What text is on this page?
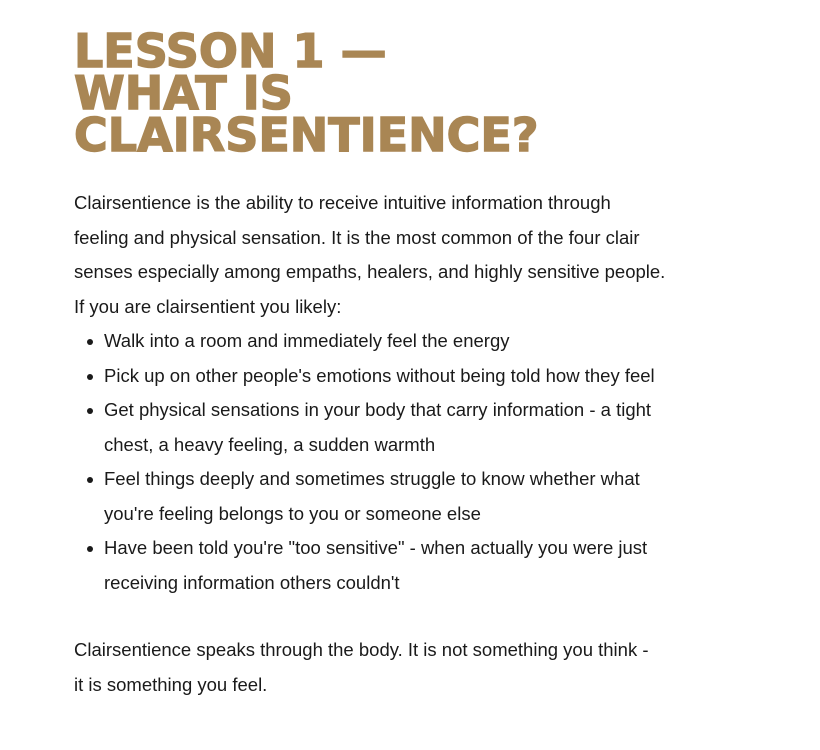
LESSON 1 —
WHAT IS
CLAIRSENTIENCE?

Clairsentience is the ability to receive intuitive information through
feeling and physical sensation. It is the most common of the four clair
senses especially among empaths, healers, and highly sensitive people.
If you are clairsentient you likely:

Walk into a room and immediately feel the energy
Pick up on other people's emotions without being told how they feel
Get physical sensations in your body that carry information - a tight
chest, a heavy feeling, a sudden warmth
Feel things deeply and sometimes struggle to know whether what
you're feeling belongs to you or someone else
Have been told you're "too sensitive" - when actually you were just
receiving information others couldn't

Clairsentience speaks through the body. It is not something you think -
it is something you feel.
